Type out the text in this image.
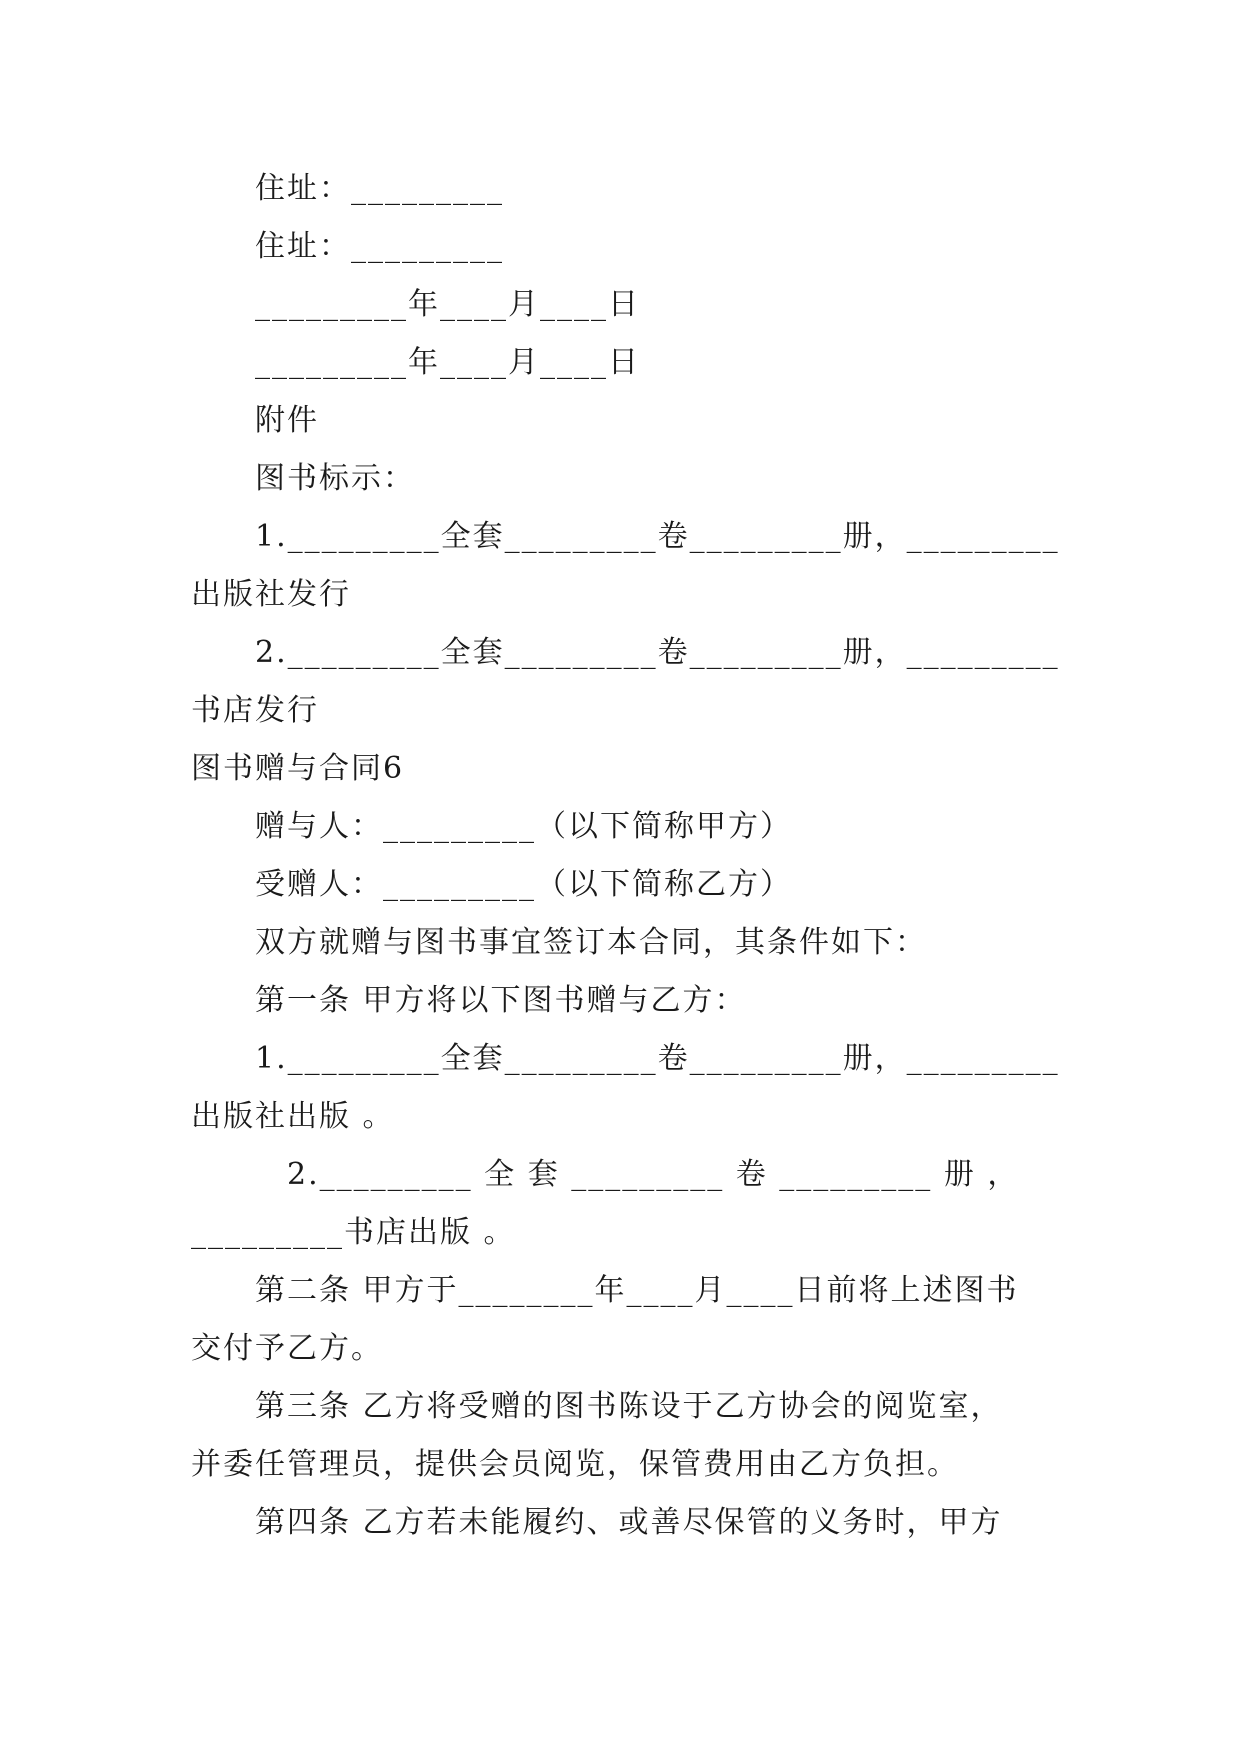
住址：_________
住址：_________
_________年____月____日
_________年____月____日
附件
图书标示：
1._________全套_________卷_________册，_________
出版社发行
2._________全套_________卷_________册，_________
书店发行
图书赠与合同6
赠与人：_________（以下简称甲方）
受赠人：_________（以下简称乙方）
双方就赠与图书事宜签订本合同，其条件如下：
第一条 甲方将以下图书赠与乙方：
1._________全套_________卷_________册，_________
出版社出版 。
2._________ 全 套 _________ 卷 _________ 册 ，
_________书店出版 。
第二条 甲方于________年____月____日前将上述图书
交付予乙方。
第三条 乙方将受赠的图书陈设于乙方协会的阅览室，
并委任管理员，提供会员阅览，保管费用由乙方负担。
第四条 乙方若未能履约、或善尽保管的义务时，甲方
